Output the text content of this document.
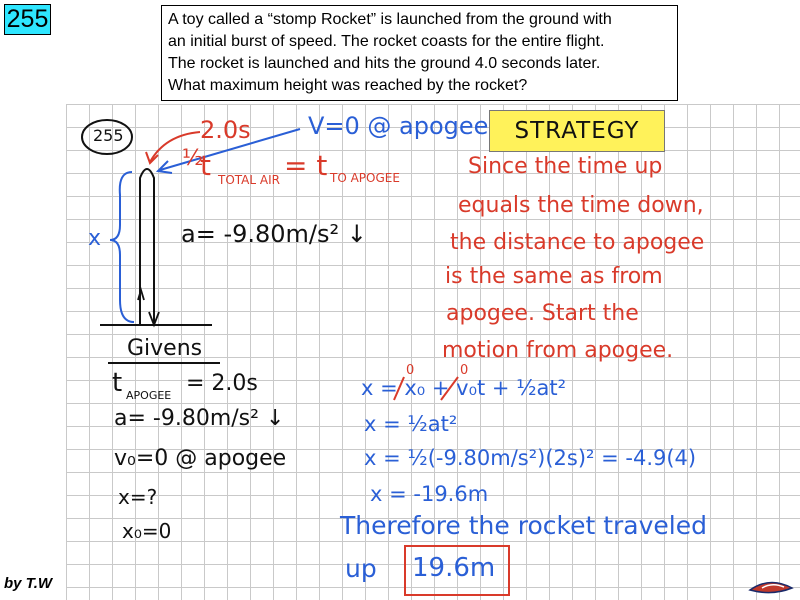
255	A toy called a “stomp Rocket” is launched from the ground with
an initial burst of speed. The rocket coasts for the entire flight.
The rocket is launched and hits the ground 4.0 seconds later.
What maximum height was reached by the rocket?
255	2.0s V=0 @ apogee
½
t TOTAL AIR = t TO APOGEE
x	a= -9.80m/s² ↓
STRATEGY
Since the time up
equals the time down,
the distance to apogee
is the same as from
apogee. Start the
motion from apogee.
Givens
t APOGEE = 2.0s
a= -9.80m/s² ↓
v₀=0 @ apogee
x=?
x₀=0
x = x₀ + v₀t + ½at²
0	0
x = ½at²
x = ½(-9.80m/s²)(2s)² = -4.9(4)
x = -19.6m
Therefore the rocket traveled
up 19.6m
by T.W
